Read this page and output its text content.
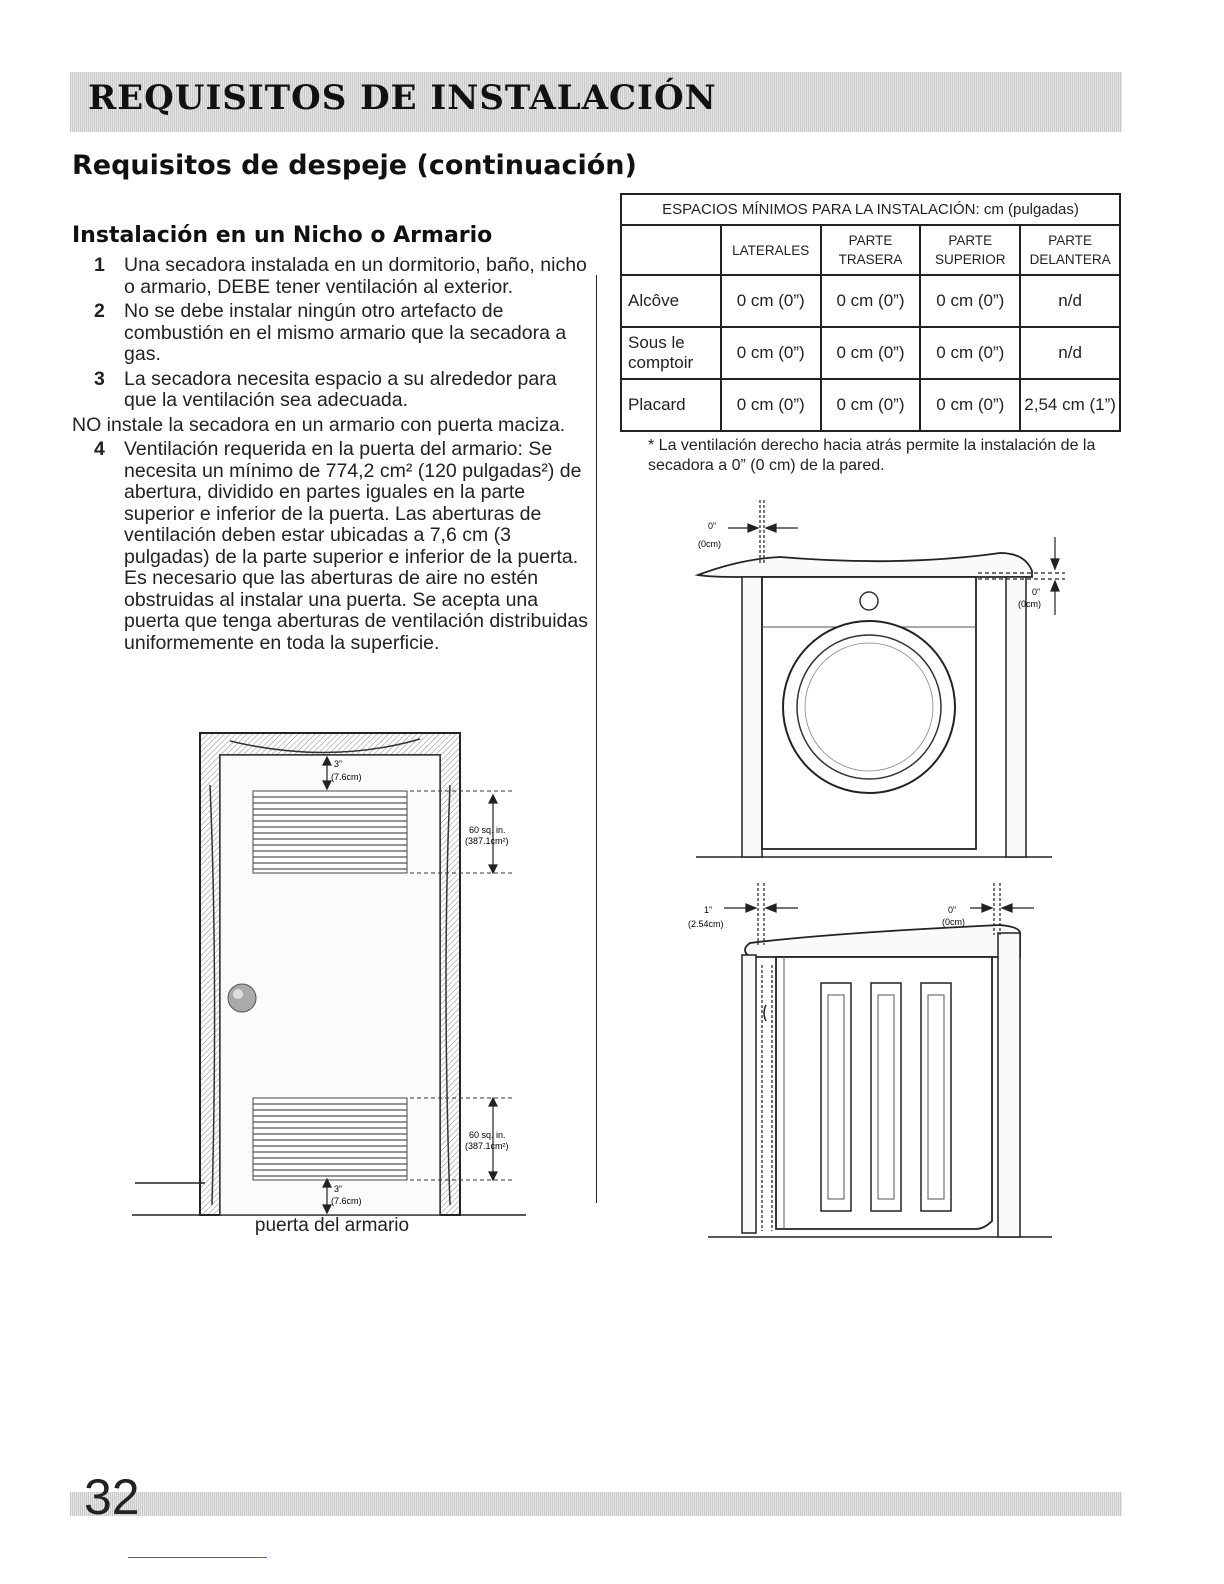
REQUISITOS DE INSTALACIÓN
Requisitos de despeje (continuación)
Instalación en un Nicho o Armario
1 Una secadora instalada en un dormitorio, baño, nicho o armario, DEBE tener ventilación al exterior.
2 No se debe instalar ningún otro artefacto de combustión en el mismo armario que la secadora a gas.
3 La secadora necesita espacio a su alrededor para que la ventilación sea adecuada.
NO instale la secadora en un armario con puerta maciza.
4 Ventilación requerida en la puerta del armario: Se necesita un mínimo de 774,2 cm² (120 pulgadas²) de abertura, dividido en partes iguales en la parte superior e inferior de la puerta. Las aberturas de ventilación deben estar ubicadas a 7,6 cm (3 pulgadas) de la parte superior e inferior de la puerta. Es necesario que las aberturas de aire no estén obstruidas al instalar una puerta. Se acepta una puerta que tenga aberturas de ventilación distribuidas uniformemente en toda la superficie.
ESPACIOS MÍNIMOS PARA LA INSTALACIÓN: cm (pulgadas)				
	LATERALES	PARTE TRASERA	PARTE SUPERIOR	PARTE DELANTERA
Alcôve	0 cm (0”)	0 cm (0”)	0 cm (0”)	n/d
Sous le comptoir	0 cm (0”)	0 cm (0”)	0 cm (0”)	n/d
Placard	0 cm (0”)	0 cm (0”)	0 cm (0”)	2,54 cm (1”)
* La ventilación derecho hacia atrás permite la instalación de la secadora a 0” (0 cm) de la pared.
3”
(7.6cm)
60 sq. in.
(387.1cm²)
60 sq. in.
(387.1cm²)
3”
(7.6cm)
puerta del armario
0”
(0cm)
0”
(0cm)
1”
(2.54cm)
0”
(0cm)
32
